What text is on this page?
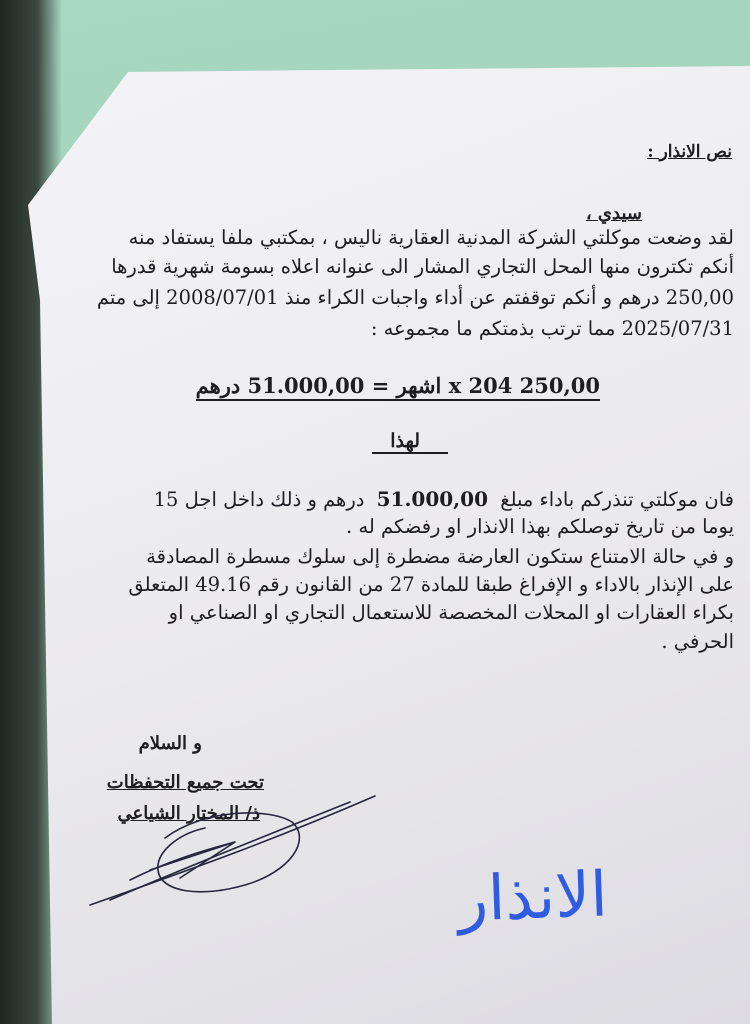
نص الانذار :
سيدي ،
لقد وضعت موكلتي الشركة المدنية العقارية ناليس ، بمكتبي ملفا يستفاد منه
أنكم تكترون منها المحل التجاري المشار الى عنوانه اعلاه بسومة شهرية قدرها
250,00 درهم و أنكم توقفتم عن أداء واجبات الكراء منذ 2008/07/01 إلى متم
2025/07/31 مما ترتب بذمتكم ما مجموعه :
250,00 x 204 اشهر = 51.000,00 درهم
لهذا
فان موكلتي تنذركم باداء مبلغ 51.000,00 درهم و ذلك داخل اجل 15
يوما من تاريخ توصلكم بهذا الانذار او رفضكم له .
و في حالة الامتناع ستكون العارضة مضطرة إلى سلوك مسطرة المصادقة
على الإنذار بالاداء و الإفراغ طبقا للمادة 27 من القانون رقم 49.16 المتعلق
بكراء العقارات او المحلات المخصصة للاستعمال التجاري او الصناعي او
الحرفي .
و السلام
تحت جميع التحفظات
ذ/ المختار الشياعي
الانذار
